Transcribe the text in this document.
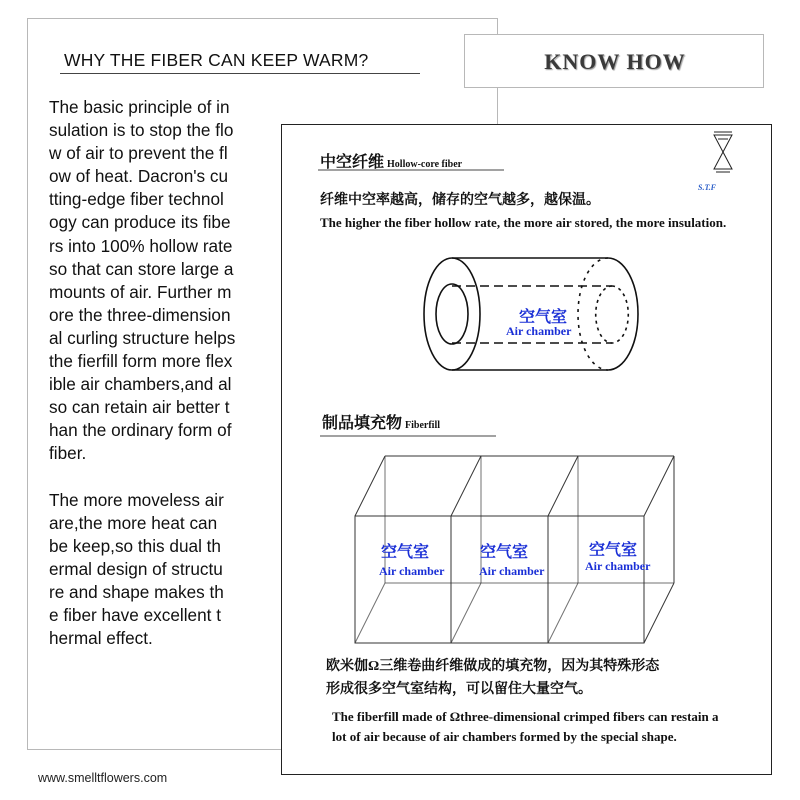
WHY THE FIBER CAN KEEP WARM?
The basic principle of in
sulation is to stop the flo
w of air to prevent the fl
ow of heat. Dacron's cu
tting-edge fiber technol
ogy can produce its fibe
rs into 100% hollow rate
so that can store large a
mounts of air. Further m
ore the three-dimension
al curling structure helps
the fierfill form more flex
ible air chambers,and al
so can retain air better t
han the ordinary form of
fiber.
The more moveless air
are,the more heat can
be keep,so this dual th
ermal design of structu
re and shape makes th
e fiber have excellent t
hermal effect.
KNOW HOW
中空纤维 Hollow-core fiber
S.T.F
纤维中空率越高，储存的空气越多，越保温。
The higher the fiber hollow rate, the more air stored, the more insulation.
空气室
Air chamber
制品填充物 Fiberfill
空气室
Air chamber
空气室
Air chamber
空气室
Air chamber
欧米伽Ω三维卷曲纤维做成的填充物，因为其特殊形态
形成很多空气室结构，可以留住大量空气。
The fiberfill made of Ωthree-dimensional crimped fibers can restain a
lot of air because of air chambers formed by the special shape.
www.smelltflowers.com
